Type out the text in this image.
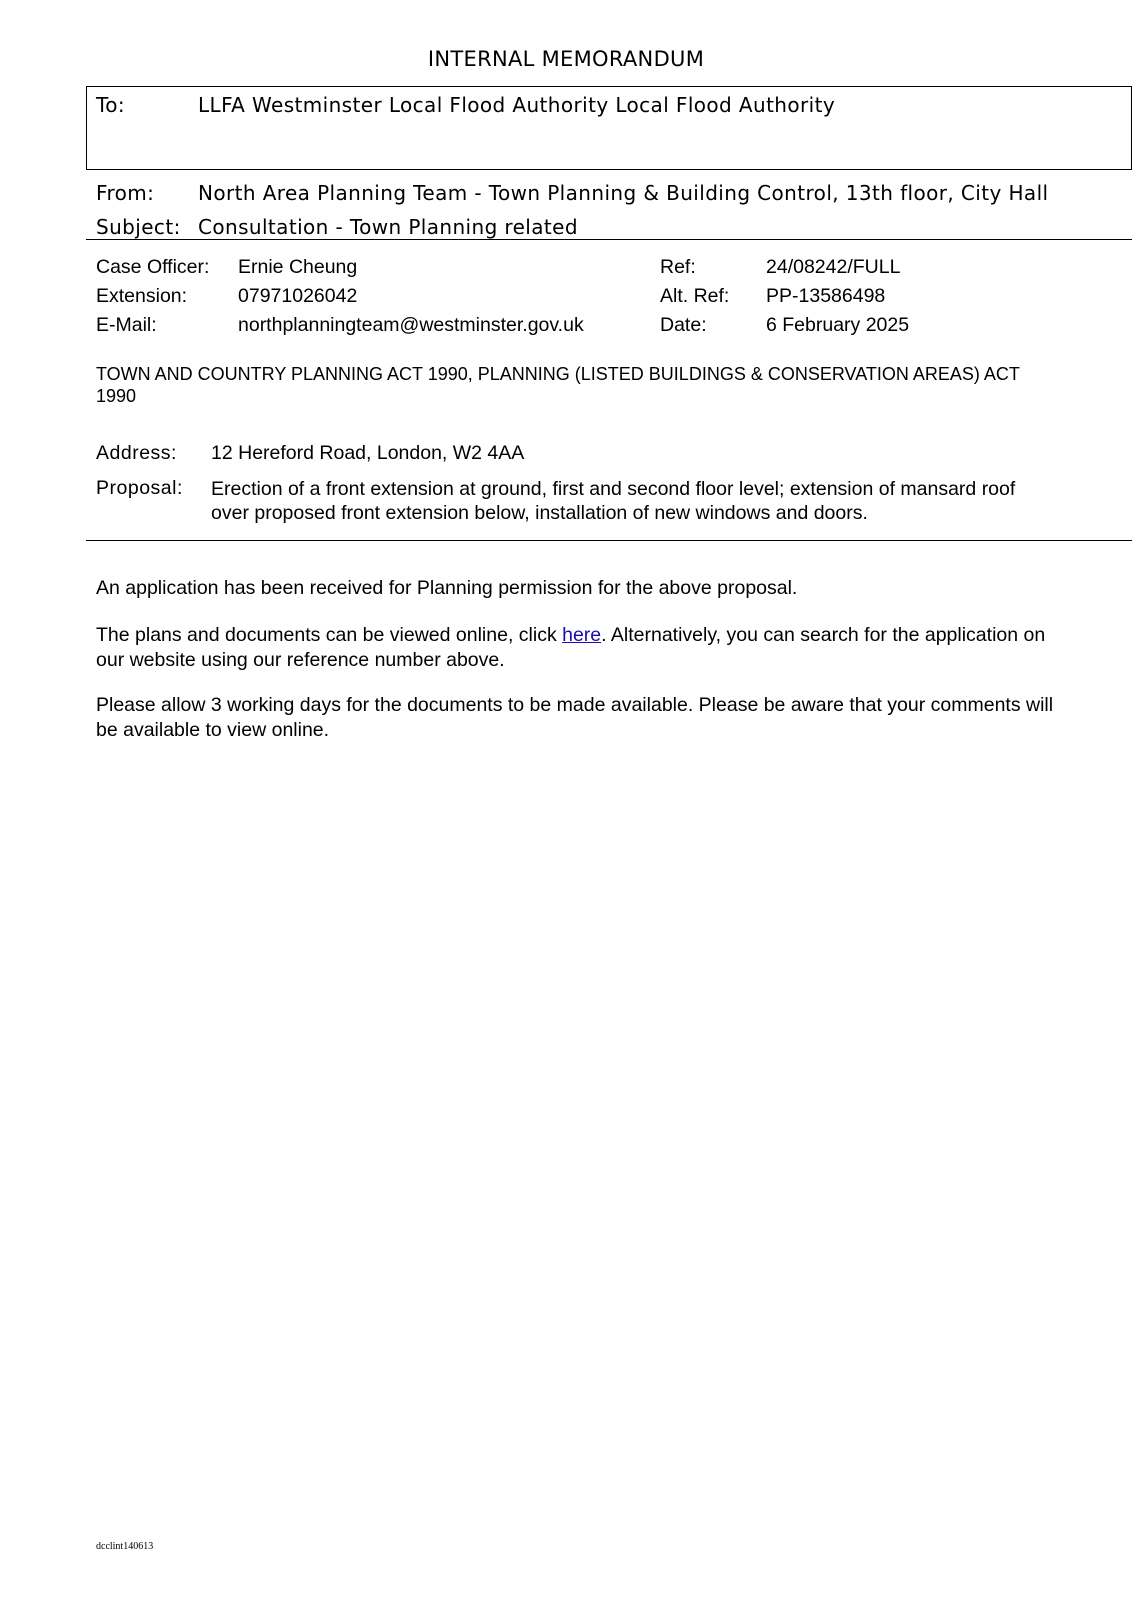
INTERNAL MEMORANDUM
To:	LLFA Westminster Local Flood Authority Local Flood Authority
From: North Area Planning Team - Town Planning & Building Control, 13th floor, City Hall
Subject: Consultation - Town Planning related
Case Officer: Ernie Cheung	Ref:	24/08242/FULL
Extension:	07971026042	Alt. Ref: PP-13586498
E-Mail:	northplanningteam@westminster.gov.uk	Date:	6 February 2025
TOWN AND COUNTRY PLANNING ACT 1990, PLANNING (LISTED BUILDINGS & CONSERVATION AREAS) ACT 1990
Address: 12 Hereford Road, London, W2 4AA
Proposal: Erection of a front extension at ground, first and second floor level; extension of mansard roof over proposed front extension below, installation of new windows and doors.
An application has been received for Planning permission for the above proposal.
The plans and documents can be viewed online, click here. Alternatively, you can search for the application on our website using our reference number above.
Please allow 3 working days for the documents to be made available. Please be aware that your comments will be available to view online.
dcclint140613
